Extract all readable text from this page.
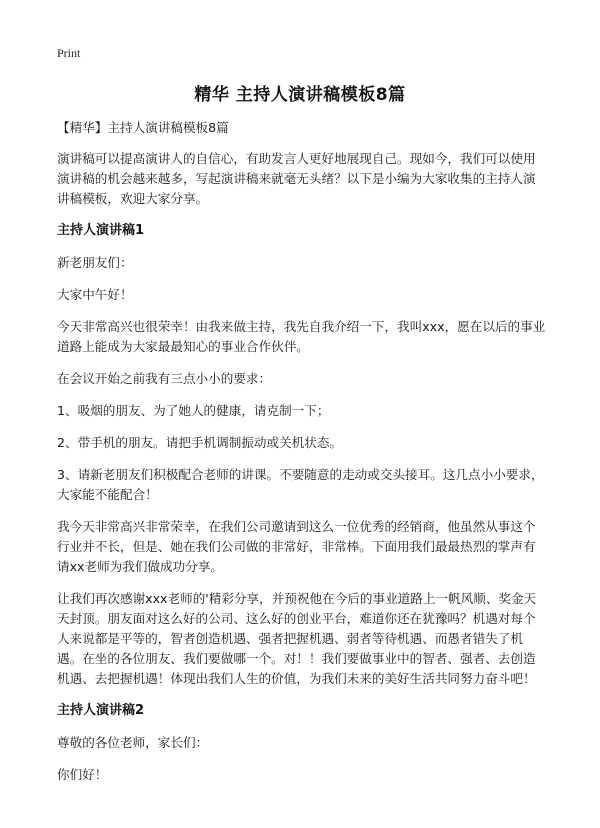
Print
精华 主持人演讲稿模板8篇
【精华】主持人演讲稿模板8篇
演讲稿可以提高演讲人的自信心，有助发言人更好地展现自己。现如今，我们可以使用演讲稿的机会越来越多，写起演讲稿来就毫无头绪？以下是小编为大家收集的主持人演讲稿模板，欢迎大家分享。
主持人演讲稿1
新老朋友们：
大家中午好！
今天非常高兴也很荣幸！由我来做主持，我先自我介绍一下，我叫xxx，愿在以后的事业道路上能成为大家最最知心的事业合作伙伴。
在会议开始之前我有三点小小的要求：
1、吸烟的朋友、为了她人的健康，请克制一下；
2、带手机的朋友。请把手机调制振动或关机状态。
3、请新老朋友们积极配合老师的讲课。不要随意的走动或交头接耳。这几点小小要求，大家能不能配合！
我今天非常高兴非常荣幸，在我们公司邀请到这么一位优秀的经销商，他虽然从事这个行业并不长，但是、她在我们公司做的非常好，非常棒。下面用我们最最热烈的掌声有请xx老师为我们做成功分享。
让我们再次感谢xxx老师的'精彩分享，并预祝他在今后的事业道路上一帆风顺、奖金天天封顶。朋友面对这么好的公司、这么好的创业平台，难道你还在犹豫吗？机遇对每个人来说都是平等的，智者创造机遇、强者把握机遇、弱者等待机遇、而愚者错失了机遇。在坐的各位朋友、我们要做哪一个。对！！我们要做事业中的智者、强者、去创造机遇、去把握机遇！体现出我们人生的价值，为我们未来的美好生活共同努力奋斗吧！
主持人演讲稿2
尊敬的各位老师，家长们：
你们好！
